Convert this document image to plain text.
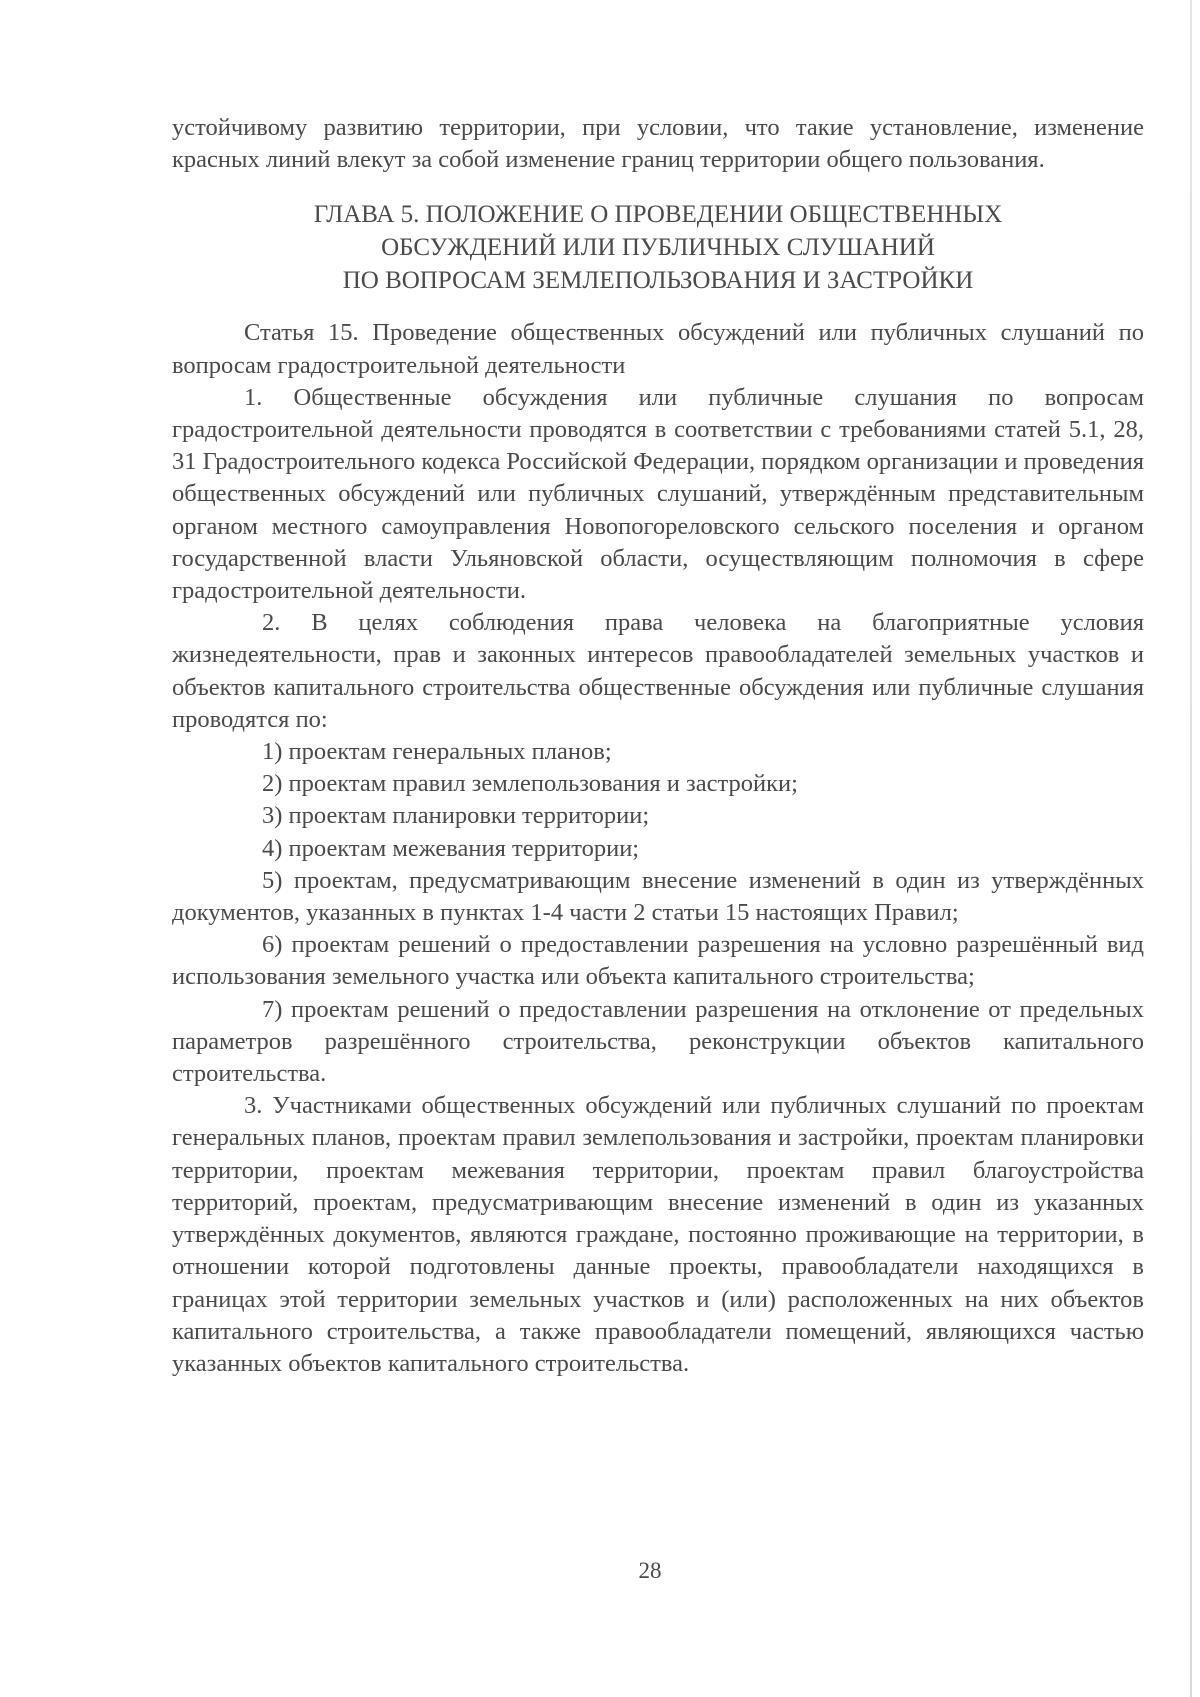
устойчивому развитию территории, при условии, что такие установление, изменение красных линий влекут за собой изменение границ территории общего пользования.

ГЛАВА 5. ПОЛОЖЕНИЕ О ПРОВЕДЕНИИ ОБЩЕСТВЕННЫХ
ОБСУЖДЕНИЙ ИЛИ ПУБЛИЧНЫХ СЛУШАНИЙ
ПО ВОПРОСАМ ЗЕМЛЕПОЛЬЗОВАНИЯ И ЗАСТРОЙКИ

Статья 15. Проведение общественных обсуждений или публичных слушаний по вопросам градостроительной деятельности

1. Общественные обсуждения или публичные слушания по вопросам градостроительной деятельности проводятся в соответствии с требованиями статей 5.1, 28, 31 Градостроительного кодекса Российской Федерации, порядком организации и проведения общественных обсуждений или публичных слушаний, утверждённым представительным органом местного самоуправления Новопогореловского сельского поселения и органом государственной власти Ульяновской области, осуществляющим полномочия в сфере градостроительной деятельности.

2. В целях соблюдения права человека на благоприятные условия жизнедеятельности, прав и законных интересов правообладателей земельных участков и объектов капитального строительства общественные обсуждения или публичные слушания проводятся по:

1) проектам генеральных планов;

2) проектам правил землепользования и застройки;

3) проектам планировки территории;

4) проектам межевания территории;

5) проектам, предусматривающим внесение изменений в один из утверждённых документов, указанных в пунктах 1-4 части 2 статьи 15 настоящих Правил;

6) проектам решений о предоставлении разрешения на условно разрешённый вид использования земельного участка или объекта капитального строительства;

7) проектам решений о предоставлении разрешения на отклонение от предельных параметров разрешённого строительства, реконструкции объектов капитального строительства.

3. Участниками общественных обсуждений или публичных слушаний по проектам генеральных планов, проектам правил землепользования и застройки, проектам планировки территории, проектам межевания территории, проектам правил благоустройства территорий, проектам, предусматривающим внесение изменений в один из указанных утверждённых документов, являются граждане, постоянно проживающие на территории, в отношении которой подготовлены данные проекты, правообладатели находящихся в границах этой территории земельных участков и (или) расположенных на них объектов капитального строительства, а также правообладатели помещений, являющихся частью указанных объектов капитального строительства.

28
